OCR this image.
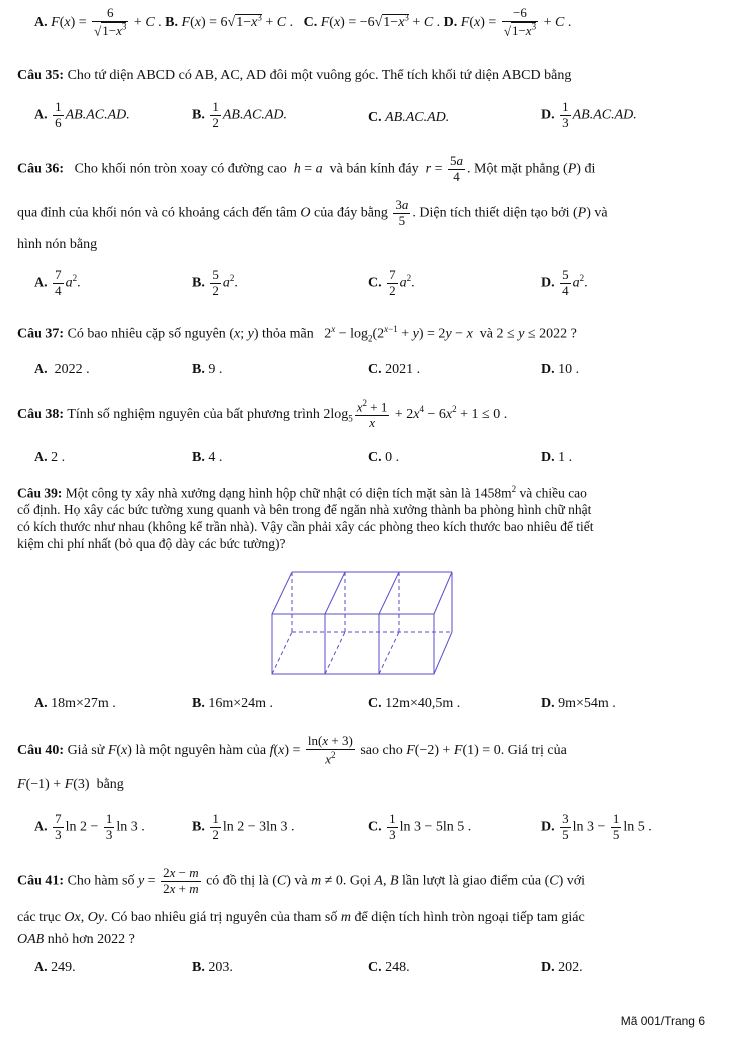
A. $F(x) = \frac{6}{√1-x^3} + C$ . B. $F(x) = 6√1-x^3 + C$ .   C. $F(x) = -6√1-x^3 + C$ . D. $F(x) = \frac{-6}{√1-x^3} + C$ .
Câu 35: Cho tứ diện ABCD có AB, AC, AD đôi một vuông góc. Thể tích khối tứ diện ABCD bằng
A. $\frac{1}{6} AB.AC.AD$.	B. $\frac{1}{2} AB.AC.AD$.	C. AB.AC.AD.	D. $\frac{1}{3} AB.AC.AD$.
Câu 36: Cho khối nón tròn xoay có đường cao h = a và bán kính đáy $r = \frac{5a}{4}$ . Một mặt phẳng (P) đi
qua đỉnh của khối nón và có khoảng cách đến tâm O của đáy bằng $\frac{3a}{5}$ . Diện tích thiết diện tạo bởi (P) và
hình nón bằng
A. $\frac{7}{4} a^2$.	B. $\frac{5}{2} a^2$.	C. $\frac{7}{2} a^2$.	D. $\frac{5}{4} a^2$.
Câu 37: Có bao nhiêu cặp số nguyên (x; y) thỏa mãn   $2^x - \log_2(2^{x-1} + y) = 2y - x$ và 2 ≤ y ≤ 2022 ?
A. 2022 .	B. 9 .	C. 2021 .	D. 10 .
Câu 38: Tính số nghiệm nguyên của bất phương trình $2\log_5 \frac{x^2 + 1}{x} + 2x^4 - 6x^2 + 1 \le 0$ .
A. 2 .	B. 4 .	C. 0 .	D. 1 .
Câu 39: Một công ty xây nhà xưởng dạng hình hộp chữ nhật có diện tích mặt sàn là $1458m^2$ và chiều cao
cố định. Họ xây các bức tường xung quanh và bên trong để ngăn nhà xưởng thành ba phòng hình chữ nhật
có kích thước như nhau (không kể trần nhà). Vậy cần phải xây các phòng theo kích thước bao nhiêu để tiết
kiệm chi phí nhất (bỏ qua độ dày các bức tường)?
A. 18m×27m .	B. 16m×24m .	C. 12m×40,5m .	D. 9m×54m .
Câu 40: Giả sử F(x) là một nguyên hàm của $f(x) = \frac{\ln(x + 3)}{x^2}$ sao cho F(−2) + F(1) = 0. Giá trị của
F(−1) + F(3)  bằng
A. $\frac{7}{3}$ $\ln 2 - \frac{1}{3}$ ln 3 .	B. $\frac{1}{2}$ ln 2 − 3ln 3 .	C. $\frac{1}{3}$ ln 3 − 5ln 5 .	D. $\frac{3}{5}$ $\ln 3 - \frac{1}{5}$ ln 5 .
Câu 41: Cho hàm số $y = \frac{2x - m}{2x + m}$ có đồ thị là (C) và m ≠ 0. Gọi A, B lần lượt là giao điểm của (C) với
các trục Ox, Oy. Có bao nhiêu giá trị nguyên của tham số m để diện tích hình tròn ngoại tiếp tam giác
OAB nhỏ hơn 2022 ?
A. 249.	B. 203.	C. 248.	D. 202.
Mã 001/Trang 6
